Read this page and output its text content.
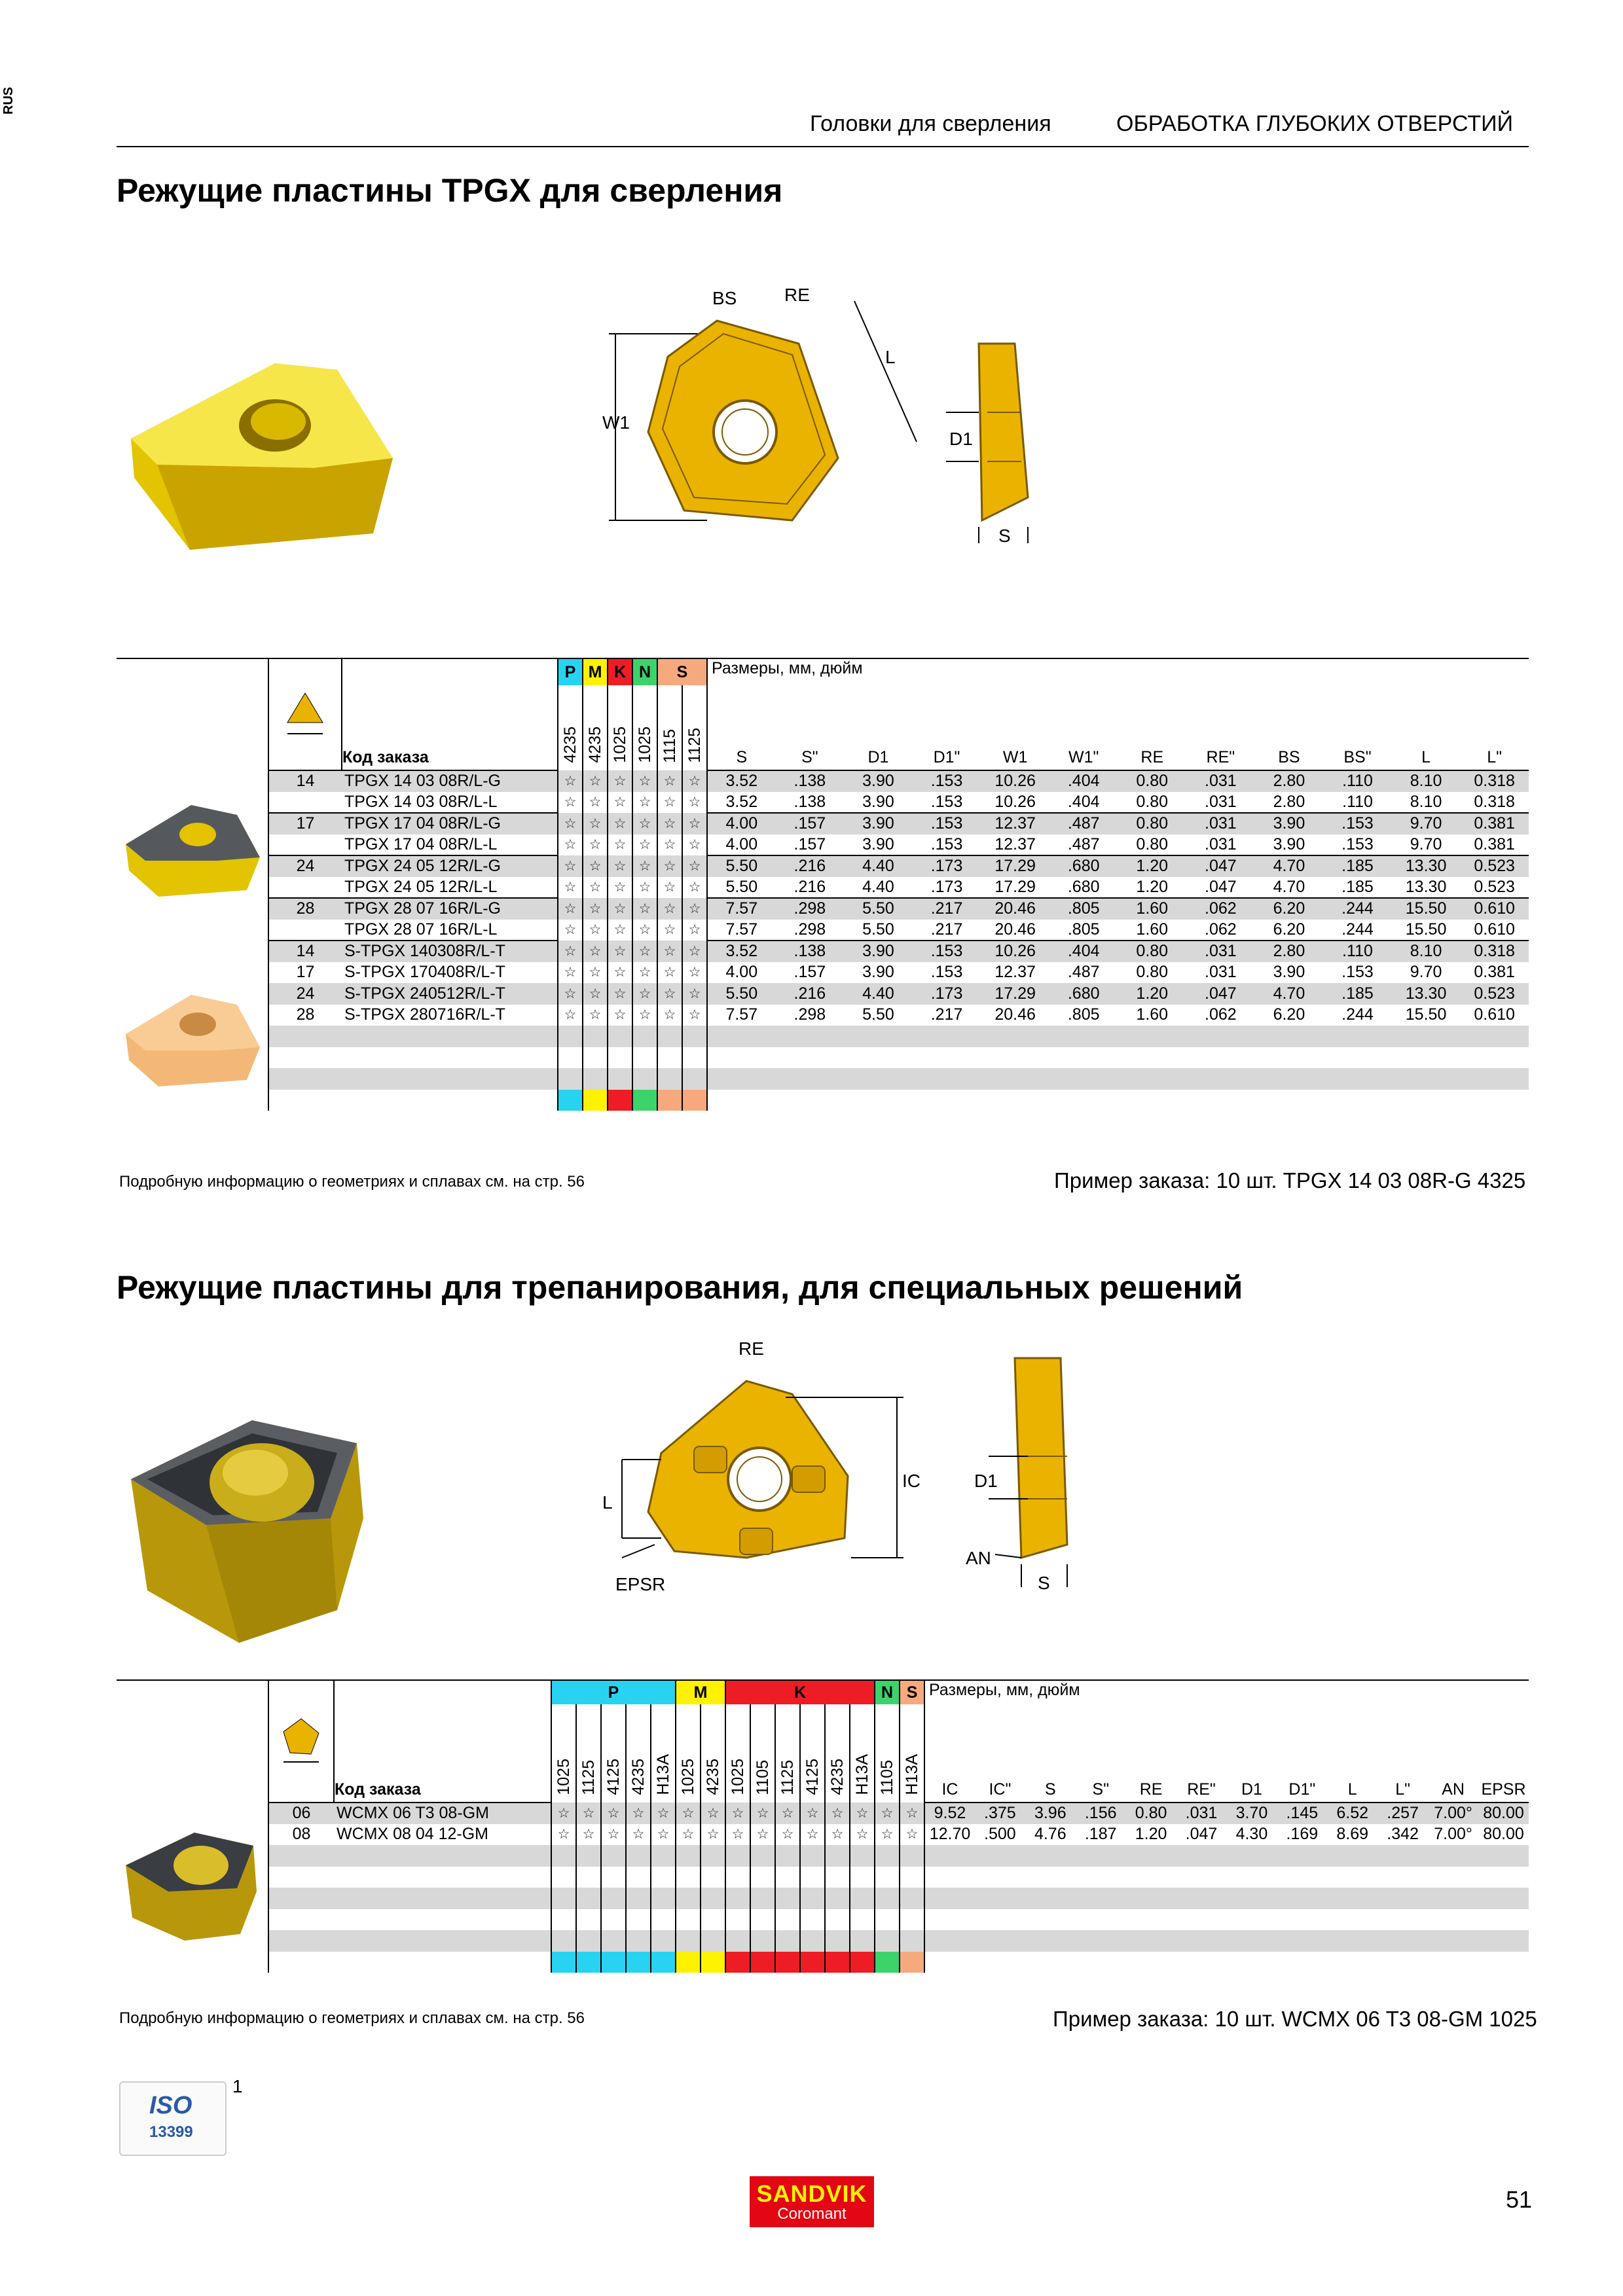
RUS
Головки для сверления	ОБРАБОТКА ГЛУБОКИХ ОТВЕРСТИЙ
Режущие пластины TPGX для сверления
BS	RE
L
W1
D1
S
		Код заказа	P	M	K	N	S		Размеры, мм, дюйм											
			4235	4235	1025	1025	1115	1125	S	S"	D1	D1"	W1	W1"	RE	RE"	BS	BS"	L	L"
	14	TPGX 14 03 08R/L-G	☆	☆	☆	☆	☆	☆	3.52	.138	3.90	.153	10.26	.404	0.80	.031	2.80	.110	8.10	0.318
		TPGX 14 03 08R/L-L	☆	☆	☆	☆	☆	☆	3.52	.138	3.90	.153	10.26	.404	0.80	.031	2.80	.110	8.10	0.318
	17	TPGX 17 04 08R/L-G	☆	☆	☆	☆	☆	☆	4.00	.157	3.90	.153	12.37	.487	0.80	.031	3.90	.153	9.70	0.381
		TPGX 17 04 08R/L-L	☆	☆	☆	☆	☆	☆	4.00	.157	3.90	.153	12.37	.487	0.80	.031	3.90	.153	9.70	0.381
	24	TPGX 24 05 12R/L-G	☆	☆	☆	☆	☆	☆	5.50	.216	4.40	.173	17.29	.680	1.20	.047	4.70	.185	13.30	0.523
		TPGX 24 05 12R/L-L	☆	☆	☆	☆	☆	☆	5.50	.216	4.40	.173	17.29	.680	1.20	.047	4.70	.185	13.30	0.523
	28	TPGX 28 07 16R/L-G	☆	☆	☆	☆	☆	☆	7.57	.298	5.50	.217	20.46	.805	1.60	.062	6.20	.244	15.50	0.610
		TPGX 28 07 16R/L-L	☆	☆	☆	☆	☆	☆	7.57	.298	5.50	.217	20.46	.805	1.60	.062	6.20	.244	15.50	0.610
	14	S-TPGX 140308R/L-T	☆	☆	☆	☆	☆	☆	3.52	.138	3.90	.153	10.26	.404	0.80	.031	2.80	.110	8.10	0.318
	17	S-TPGX 170408R/L-T	☆	☆	☆	☆	☆	☆	4.00	.157	3.90	.153	12.37	.487	0.80	.031	3.90	.153	9.70	0.381
	24	S-TPGX 240512R/L-T	☆	☆	☆	☆	☆	☆	5.50	.216	4.40	.173	17.29	.680	1.20	.047	4.70	.185	13.30	0.523
	28	S-TPGX 280716R/L-T	☆	☆	☆	☆	☆	☆	7.57	.298	5.50	.217	20.46	.805	1.60	.062	6.20	.244	15.50	0.610

Подробную информацию о геометриях и сплавах см. на стр. 56	Пример заказа: 10 шт. TPGX 14 03 08R-G 4325
Режущие пластины для трепанирования, для специальных решений
RE
IC
L
EPSR
D1
AN
S
		Код заказа	P					M		K						N	S	Размеры, мм, дюйм											
			1025	1125	4125	4235	H13A	1025	4235	1025	1105	1125	4125	4235	H13A	1105	H13A	IC	IC"	S	S"	RE	RE"	D1	D1"	L	L"	AN	EPSR
	06	WCMX 06 T3 08-GM	☆	☆	☆	☆	☆	☆	☆	☆	☆	☆	☆	☆	☆	☆	☆	9.52	.375	3.96	.156	0.80	.031	3.70	.145	6.52	.257	7.00°	80.00
	08	WCMX 08 04 12-GM	☆	☆	☆	☆	☆	☆	☆	☆	☆	☆	☆	☆	☆	☆	☆	12.70	.500	4.76	.187	1.20	.047	4.30	.169	8.69	.342	7.00°	80.00

Подробную информацию о геометриях и сплавах см. на стр. 56	Пример заказа: 10 шт. WCMX 06 T3 08-GM 1025
ISO
13399
1
SANDVIK
Coromant
51
